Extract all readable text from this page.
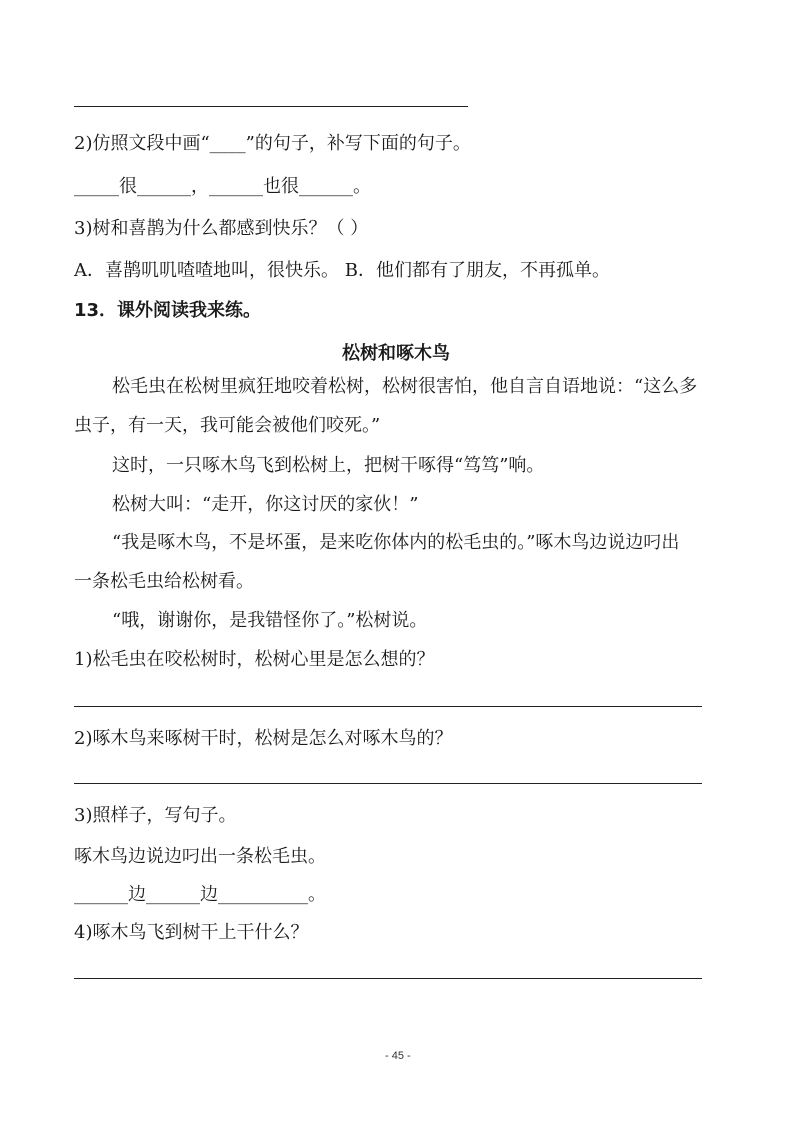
2)仿照文段中画“____”的句子，补写下面的句子。
_____很______，______也很______。
3)树和喜鹊为什么都感到快乐？（ ）
A．喜鹊叽叽喳喳地叫，很快乐。 B．他们都有了朋友，不再孤单。
13．课外阅读我来练。
松树和啄木鸟
松毛虫在松树里疯狂地咬着松树，松树很害怕，他自言自语地说：“这么多
虫子，有一天，我可能会被他们咬死。”
这时，一只啄木鸟飞到松树上，把树干啄得“笃笃”响。
松树大叫：“走开，你这讨厌的家伙！”
“我是啄木鸟，不是坏蛋，是来吃你体内的松毛虫的。”啄木鸟边说边叼出
一条松毛虫给松树看。
“哦，谢谢你，是我错怪你了。”松树说。
1)松毛虫在咬松树时，松树心里是怎么想的？
2)啄木鸟来啄树干时，松树是怎么对啄木鸟的？
3)照样子，写句子。
啄木鸟边说边叼出一条松毛虫。
______边______边__________。
4)啄木鸟飞到树干上干什么？
- 45 -
